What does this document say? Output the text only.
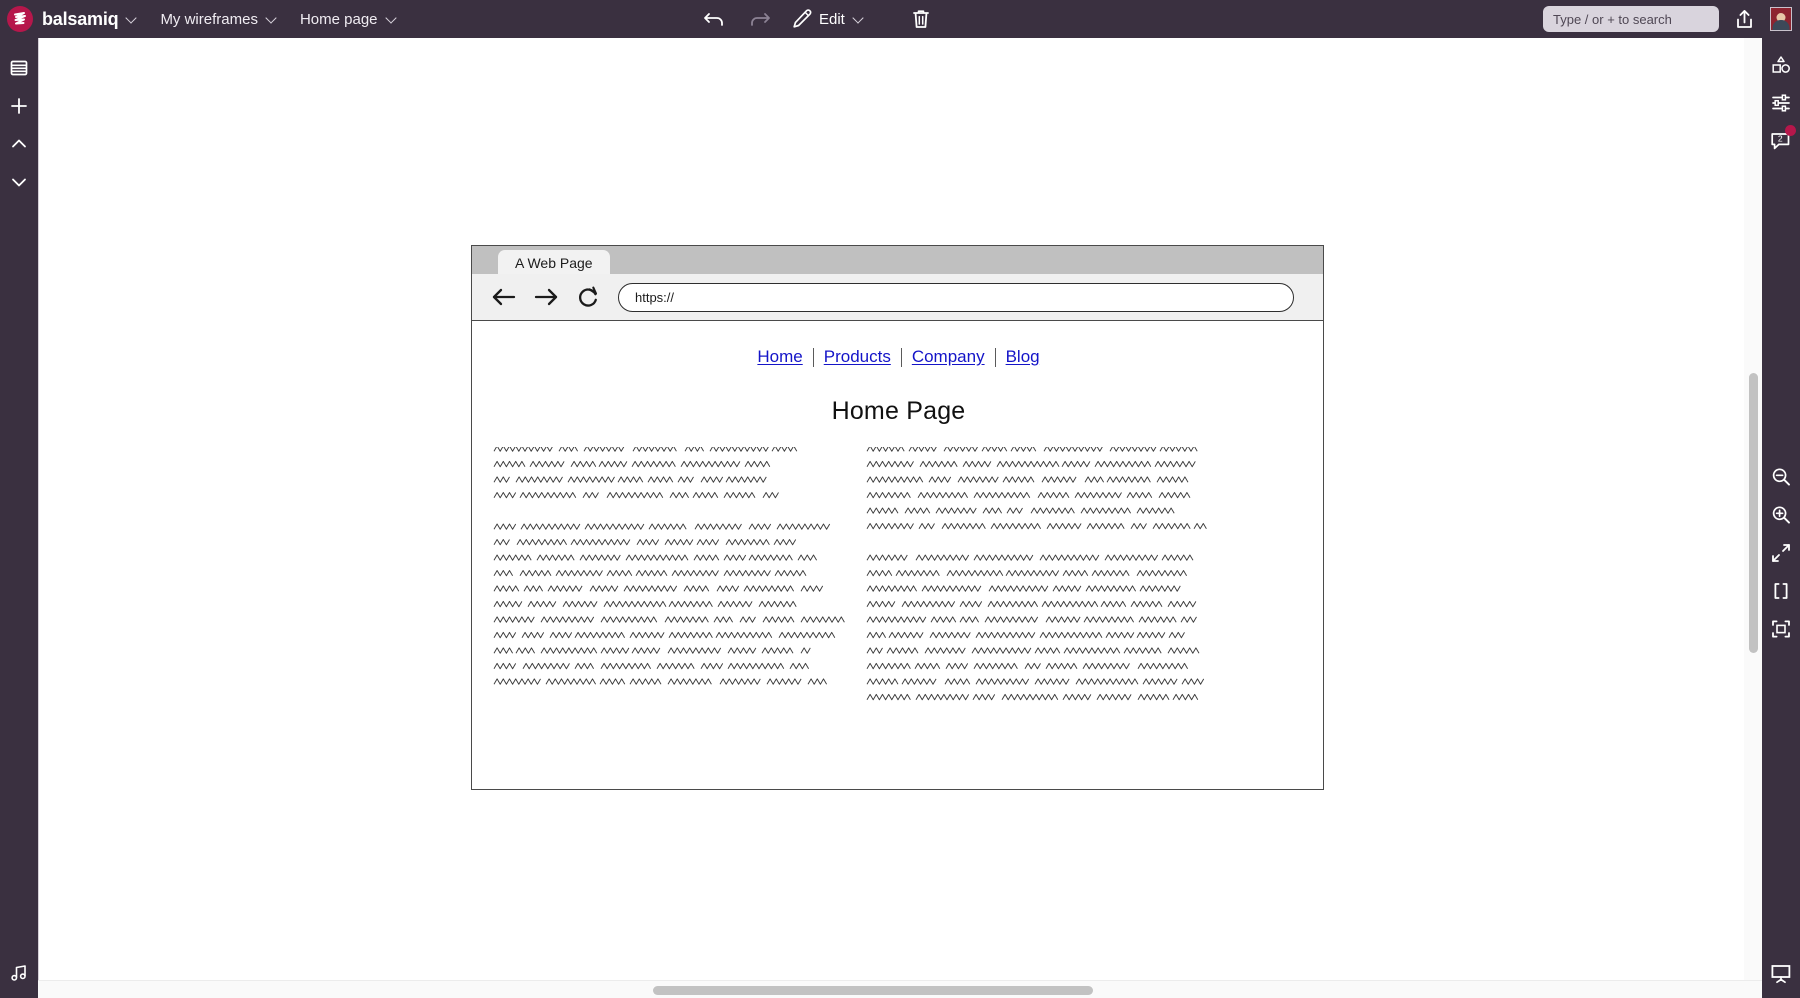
balsamiq	My wireframes	Home page	Edit	Type / or + to search
2
A Web Page
https://
Home	Products	Company	Blog
Home Page
